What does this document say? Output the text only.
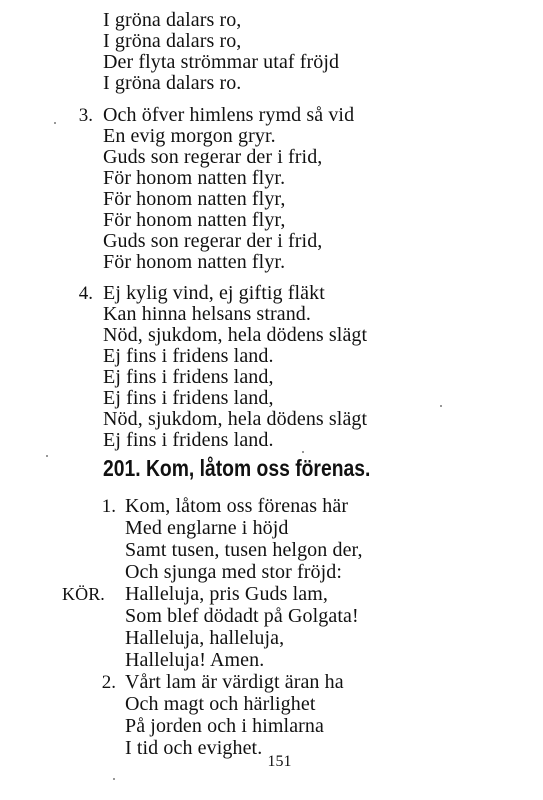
I gröna dalars ro,
I gröna dalars ro,
Der flyta strömmar utaf fröjd
I gröna dalars ro.
3. Och öfver himlens rymd så vid
En evig morgon gryr.
Guds son regerar der i frid,
För honom natten flyr.
För honom natten flyr,
För honom natten flyr,
Guds son regerar der i frid,
För honom natten flyr.
4. Ej kylig vind, ej giftig fläkt
Kan hinna helsans strand.
Nöd, sjukdom, hela dödens slägt
Ej fins i fridens land.
Ej fins i fridens land,
Ej fins i fridens land,
Nöd, sjukdom, hela dödens slägt
Ej fins i fridens land.
201. Kom, låtom oss förenas.
1. Kom, låtom oss förenas här
Med englarne i höjd
Samt tusen, tusen helgon der,
Och sjunga med stor fröjd:
KÖR. Halleluja, pris Guds lam,
Som blef dödadt på Golgata!
Halleluja, halleluja,
Halleluja! Amen.
2. Vårt lam är värdigt äran ha
Och magt och härlighet
På jorden och i himlarna
I tid och evighet.
151
